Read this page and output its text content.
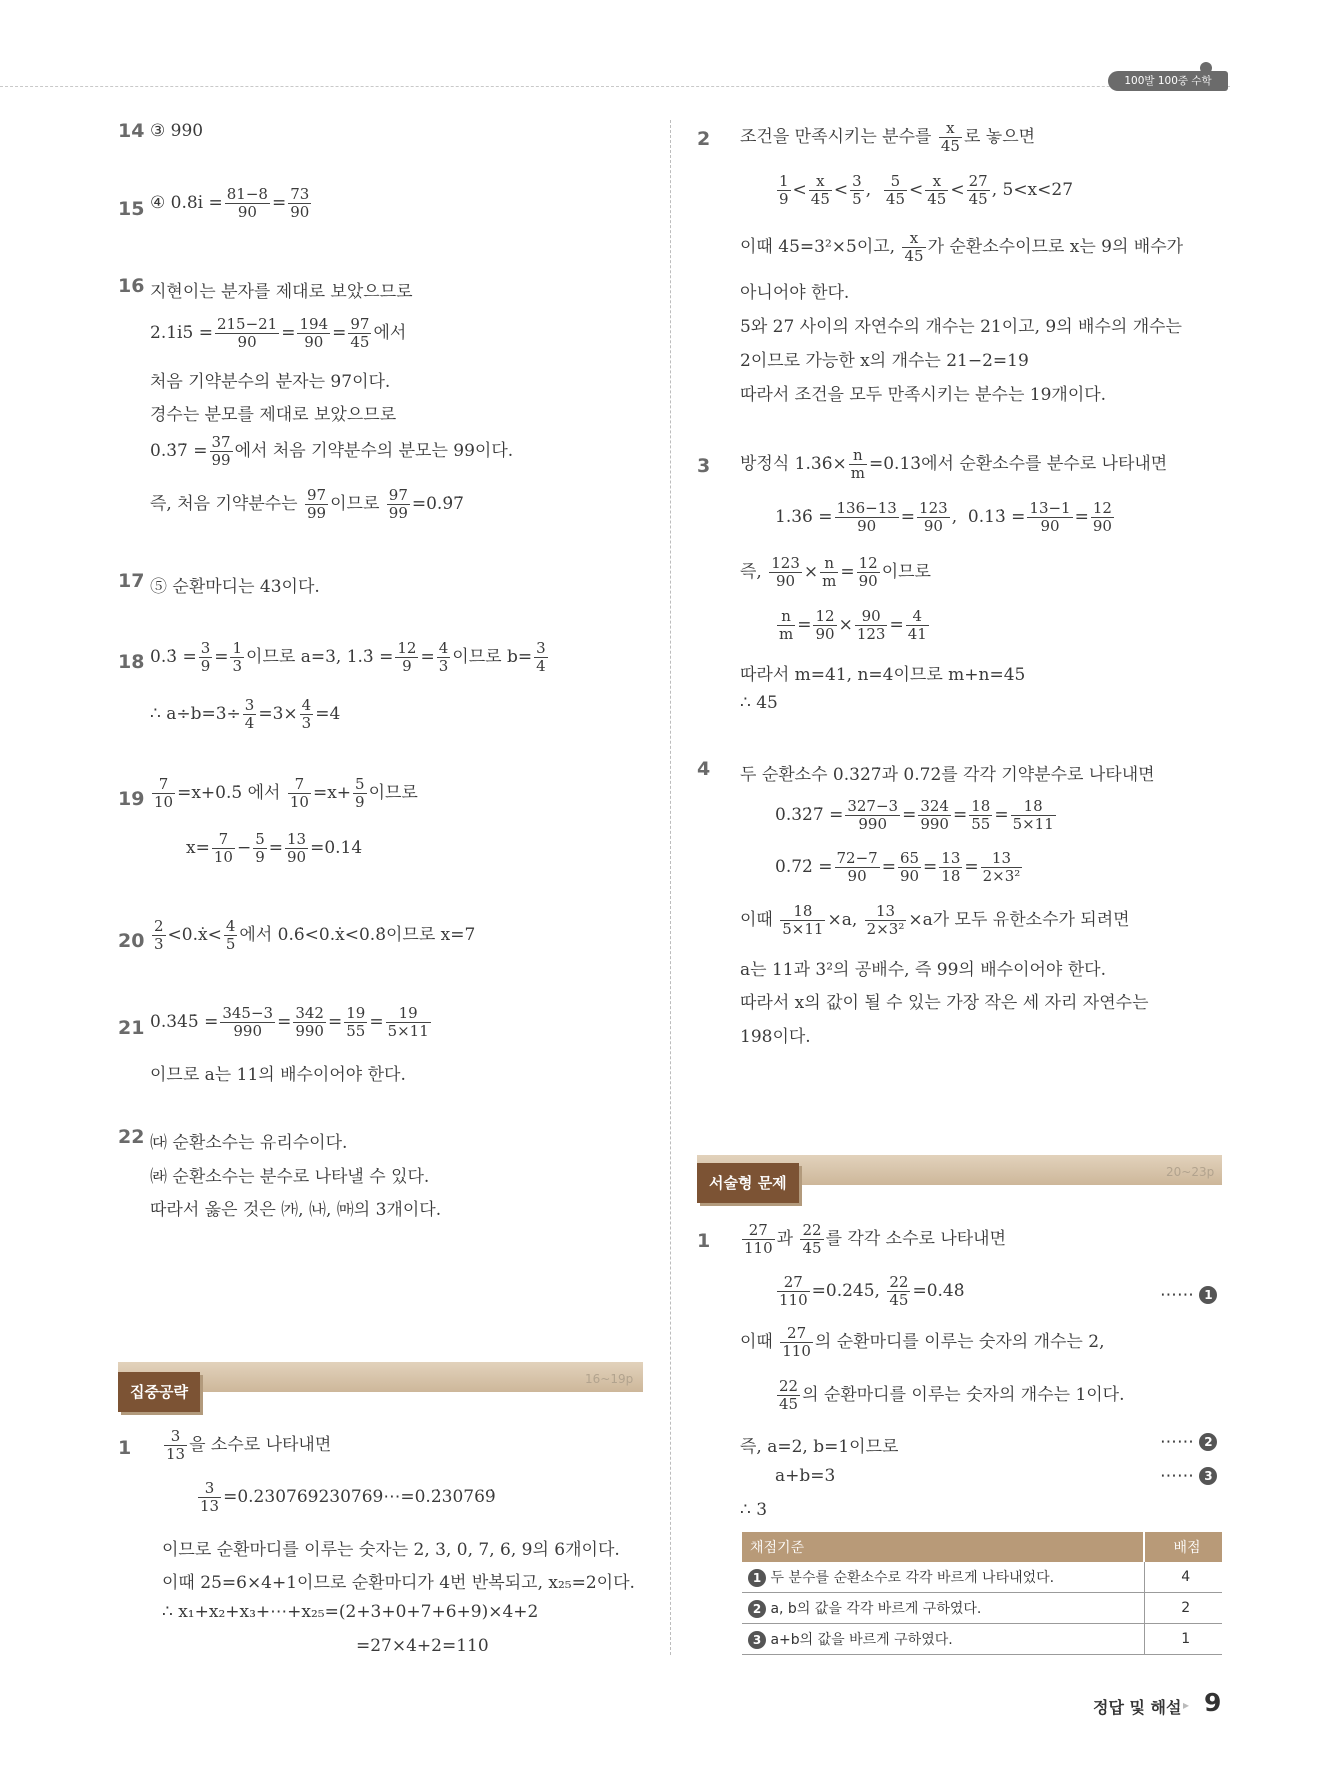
100발 100중 수학
14 ③ 990
15 ④ 0.8i̇ = $\frac{81-8}{90} = \frac{73}{90}$
16 지현이는 분자를 제대로 보았으므로
2.1i̇5̇ = $\frac{215-21}{90} = \frac{194}{90} = \frac{97}{45}$ 에서
처음 기약분수의 분자는 97이다.
경수는 분모를 제대로 보았으므로
0.3̇7̇ = $\frac{37}{99}$ 에서 처음 기약분수의 분모는 99이다.
즉, 처음 기약분수는 $\frac{97}{99}$ 이므로 $\frac{97}{99}$ =0.9̇7̇
17 ⑤ 순환마디는 43이다.
18 0.3̇ = $\frac{3}{9} = \frac{1}{3}$ 이므로 a=3, 1.3̇ = $\frac{12}{9} = \frac{4}{3}$ 이므로 $b= \frac{3}{4}$
∴ $a\div b=3\div \frac{3}{4} =3\times \frac{4}{3} =4$
$19 \frac{7}{10}$ =x+0.5̇ 에서 $\frac{7}{10} =x+ \frac{5}{9}$ 이므로
$x= \frac{7}{10} - \frac{5}{9} = \frac{13}{90}$ =0.14̇
$20 \frac{2}{3}$ <0.ẋ< $\frac{4}{5}$ 에서 0.6̇<0.ẋ<0.8̇이므로 x=7
21 0.34̇5̇ = $\frac{345-3}{990} = \frac{342}{990} = \frac{19}{55} = \frac{19}{5\times 11}$
이므로 a는 11의 배수이어야 한다.
22 ㈐ 순환소수는 유리수이다.
㈑ 순환소수는 분수로 나타낼 수 있다.
따라서 옳은 것은 ㈎, ㈏, ㈒의 3개이다.
집중공략
16~19p
$1 \frac{3}{13}$ 을 소수로 나타내면
$\frac{3}{13}$ =0.230769230769⋯=0.2̇30769̇
이므로 순환마디를 이루는 숫자는 2, 3, 0, 7, 6, 9의 6개이다.
이때 25=6×4+1이므로 순환마디가 4번 반복되고, x₂₅=2이다.
∴ x₁+x₂+x₃+⋯+x₂₅=(2+3+0+7+6+9)×4+2
=27×4+2=110
2 조건을 만족시키는 분수를 $\frac{x}{45}$ 로 놓으면
$\frac{1}{9} < \frac{x}{45} < \frac{3}{5}$ , $\frac{5}{45} < \frac{x}{45} < \frac{27}{45}$ , 5<x<27
이때 45=3²×5이고, $\frac{x}{45}$ 가 순환소수이므로 x는 9의 배수가
아니어야 한다.
5와 27 사이의 자연수의 개수는 21이고, 9의 배수의 개수는
2이므로 가능한 x의 개수는 21−2=19
따라서 조건을 모두 만족시키는 분수는 19개이다.
3 방정식 1.36̇× $\frac{n}{m}$ =0.13̇에서 순환소수를 분수로 나타내면
1.36̇ = $\frac{136-13}{90} = \frac{123}{90}$ ,  0.13̇ = $\frac{13-1}{90} = \frac{12}{90}$
즉, $\frac{123}{90} \times \frac{n}{m} = \frac{12}{90}$ 이므로
$\frac{n}{m} = \frac{12}{90} \times \frac{90}{123} = \frac{4}{41}$
따라서 m=41, n=4이므로 m+n=45
∴ 45
4 두 순환소수 0.32̇7̇과 0.72̇를 각각 기약분수로 나타내면
0.32̇7̇ = $\frac{327-3}{990} = \frac{324}{990} = \frac{18}{55} = \frac{18}{5\times 11}$
0.72̇ = $\frac{72-7}{90} = \frac{65}{90} = \frac{13}{18} = \frac{13}{\text{2×3²}}$
이때 $\frac{18}{5\times 11} \times a$, $\frac{13}{\text{2×3²}} \times a$가 모두 유한소수가 되려면
a는 11과 3²의 공배수, 즉 99의 배수이어야 한다.
따라서 x의 값이 될 수 있는 가장 작은 세 자리 자연수는
198이다.
서술형 문제
20~23p
$1 \frac{27}{110}$ 과 $\frac{22}{45}$ 를 각각 소수로 나타내면
$\frac{27}{110}$ =0.24̇5̇, $\frac{22}{45}$ =0.48̇	⋯⋯ 1
이때 $\frac{27}{110}$ 의 순환마디를 이루는 숫자의 개수는 2,
$\frac{22}{45}$ 의 순환마디를 이루는 숫자의 개수는 1이다.
즉, a=2, b=1이므로	⋯⋯ 2
a+b=3	⋯⋯ 3
∴ 3
채점기준	배점
1 두 분수를 순환소수로 각각 바르게 나타내었다.	4
2 a, b의 값을 각각 바르게 구하였다.	2
3 a+b의 값을 바르게 구하였다.	1
정답 및 해설 ▸ 9
